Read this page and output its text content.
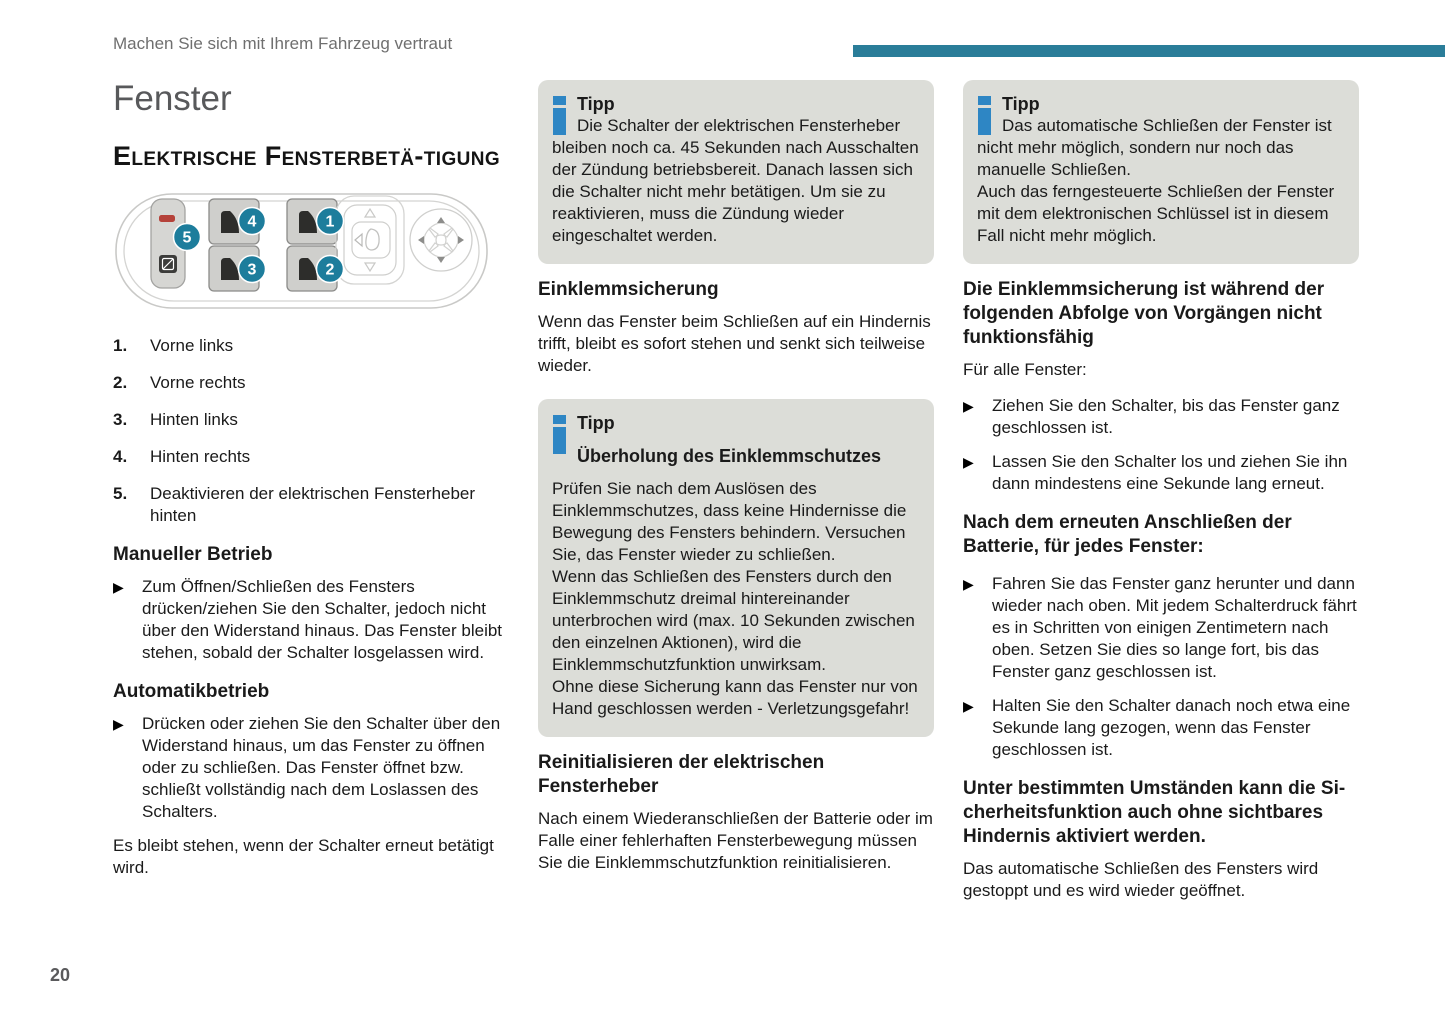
Machen Sie sich mit Ihrem Fahrzeug vertraut
Fenster
Elektrische Fensterbetä-tigung
1
2
3
4
5
1.	Vorne links
2.	Vorne rechts
3.	Hinten links
4.	Hinten rechts
5.	Deaktivieren der elektrischen Fensterheber hinten
Manueller Betrieb
▶	Zum Öffnen/Schließen des Fensters drücken/ziehen Sie den Schalter, jedoch nicht über den Widerstand hinaus. Das Fenster bleibt stehen, sobald der Schalter losgelassen wird.
Automatikbetrieb
▶	Drücken oder ziehen Sie den Schalter über den Widerstand hinaus, um das Fenster zu öffnen oder zu schließen. Das Fenster öffnet bzw. schließt vollständig nach dem Loslassen des Schalters.
Es bleibt stehen, wenn der Schalter erneut betätigt wird.
Tipp
Die Schalter der elektrischen Fensterheber bleiben noch ca. 45 Sekunden nach Ausschalten der Zündung betriebsbereit. Danach lassen sich die Schalter nicht mehr betätigen. Um sie zu reaktivieren, muss die Zündung wieder eingeschaltet werden.
Einklemmsicherung
Wenn das Fenster beim Schließen auf ein Hindernis trifft, bleibt es sofort stehen und senkt sich teilweise wieder.
Tipp
Überholung des Einklemmschutzes
Prüfen Sie nach dem Auslösen des Einklemmschutzes, dass keine Hindernisse die Bewegung des Fensters behindern. Versuchen Sie, das Fenster wieder zu schließen.
Wenn das Schließen des Fensters durch den Einklemmschutz dreimal hintereinander unterbrochen wird (max. 10 Sekunden zwischen den einzelnen Aktionen), wird die Einklemmschutzfunktion unwirksam.
Ohne diese Sicherung kann das Fenster nur von Hand geschlossen werden - Verletzungsgefahr!
Reinitialisieren der elektrischen Fensterheber
Nach einem Wiederanschließen der Batterie oder im Falle einer fehlerhaften Fensterbewegung müssen Sie die Einklemmschutzfunktion reinitialisieren.
Tipp
Das automatische Schließen der Fenster ist nicht mehr möglich, sondern nur noch das manuelle Schließen.
Auch das ferngesteuerte Schließen der Fenster mit dem elektronischen Schlüssel ist in diesem Fall nicht mehr möglich.
Die Einklemmsicherung ist während der folgenden Abfolge von Vorgängen nicht funktionsfähig
Für alle Fenster:
▶	Ziehen Sie den Schalter, bis das Fenster ganz geschlossen ist.
▶	Lassen Sie den Schalter los und ziehen Sie ihn dann mindestens eine Sekunde lang erneut.
Nach dem erneuten Anschließen der Batterie, für jedes Fenster:
▶	Fahren Sie das Fenster ganz herunter und dann wieder nach oben. Mit jedem Schalterdruck fährt es in Schritten von einigen Zentimetern nach oben. Setzen Sie dies so lange fort, bis das Fenster ganz geschlossen ist.
▶	Halten Sie den Schalter danach noch etwa eine Sekunde lang gezogen, wenn das Fenster geschlossen ist.
Unter bestimmten Umständen kann die Si-cherheitsfunktion auch ohne sichtbares Hindernis aktiviert werden.
Das automatische Schließen des Fensters wird gestoppt und es wird wieder geöffnet.
20
